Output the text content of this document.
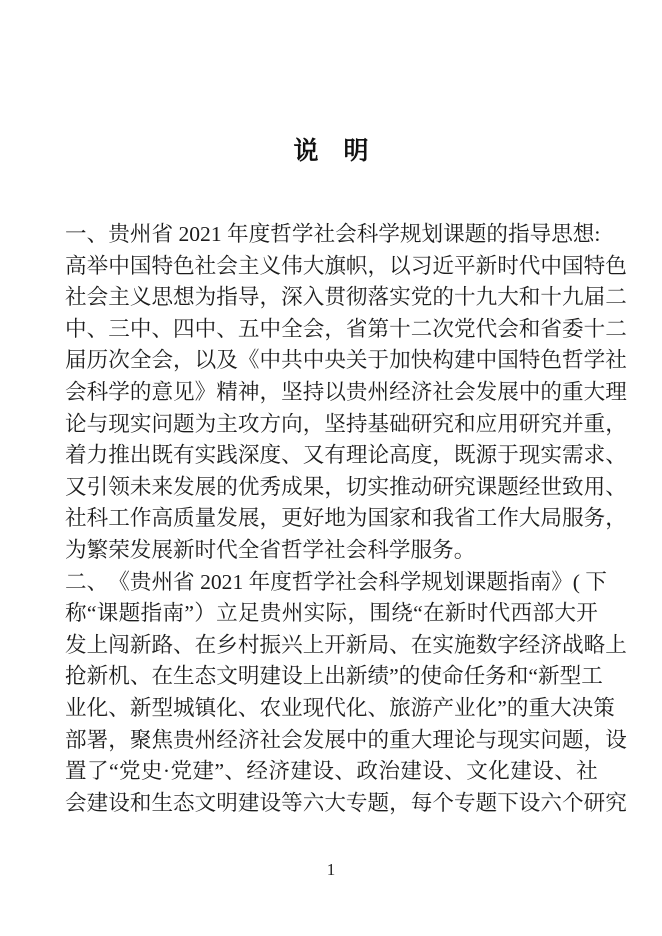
说　明
一 、 贵 州 省
2 0 2 1
年 度 哲 学 社 会 科 学 规 划 课 题 的 指 导 思 想 :
高 举 中 国 特 色 社 会 主 义 伟 大 旗 帜 ， 以 习 近 平 新 时 代 中 国 特 色
社 会 主 义 思 想 为 指 导 ， 深 入 贯 彻 落 实 党 的 十 九 大 和 十 九 届 二
中 、 三 中 、 四 中 、 五 中 全 会 ， 省 第 十 二 次 党 代 会 和 省 委 十 二
届 历 次 全 会 ， 以 及 《 中 共 中 央 关 于 加 快 构 建 中 国 特 色 哲 学 社
会 科 学 的 意 见 》 精 神 ， 坚 持 以 贵 州 经 济 社 会 发 展 中 的 重 大 理
论 与 现 实 问 题 为 主 攻 方 向 ， 坚 持 基 础 研 究 和 应 用 研 究 并 重 ，
着 力 推 出 既 有 实 践 深 度 、 又 有 理 论 高 度 ， 既 源 于 现 实 需 求 、
又 引 领 未 来 发 展 的 优 秀 成 果 ， 切 实 推 动 研 究 课 题 经 世 致 用 、
社 科 工 作 高 质 量 发 展 ， 更 好 地 为 国 家 和 我 省 工 作 大 局 服 务 ，
为繁荣发展新时代全省哲学社会科学服务。
二 、 《 贵 州 省
2 0 2 1
年 度 哲 学 社 会 科 学 规 划 课 题 指 南 》 (
下
称 “ 课 题 指 南 ” ） 立 足 贵 州 实 际 ， 围 绕 “ 在 新 时 代 西 部 大 开
发 上 闯 新 路 、 在 乡 村 振 兴 上 开 新 局 、 在 实 施 数 字 经 济 战 略 上
抢 新 机 、 在 生 态 文 明 建 设 上 出 新 绩 ” 的 使 命 任 务 和 “ 新 型 工
业 化 、 新 型 城 镇 化 、 农 业 现 代 化 、 旅 游 产 业 化 ” 的 重 大 决 策
部 署 ， 聚 焦 贵 州 经 济 社 会 发 展 中 的 重 大 理 论 与 现 实 问 题 ， 设
置 了 “ 党 史 · 党 建 ” 、 经 济 建 设 、 政 治 建 设 、 文 化 建 设 、 社
会 建 设 和 生 态 文 明 建 设 等 六 大 专 题 ， 每 个 专 题 下 设 六 个 研 究
1
